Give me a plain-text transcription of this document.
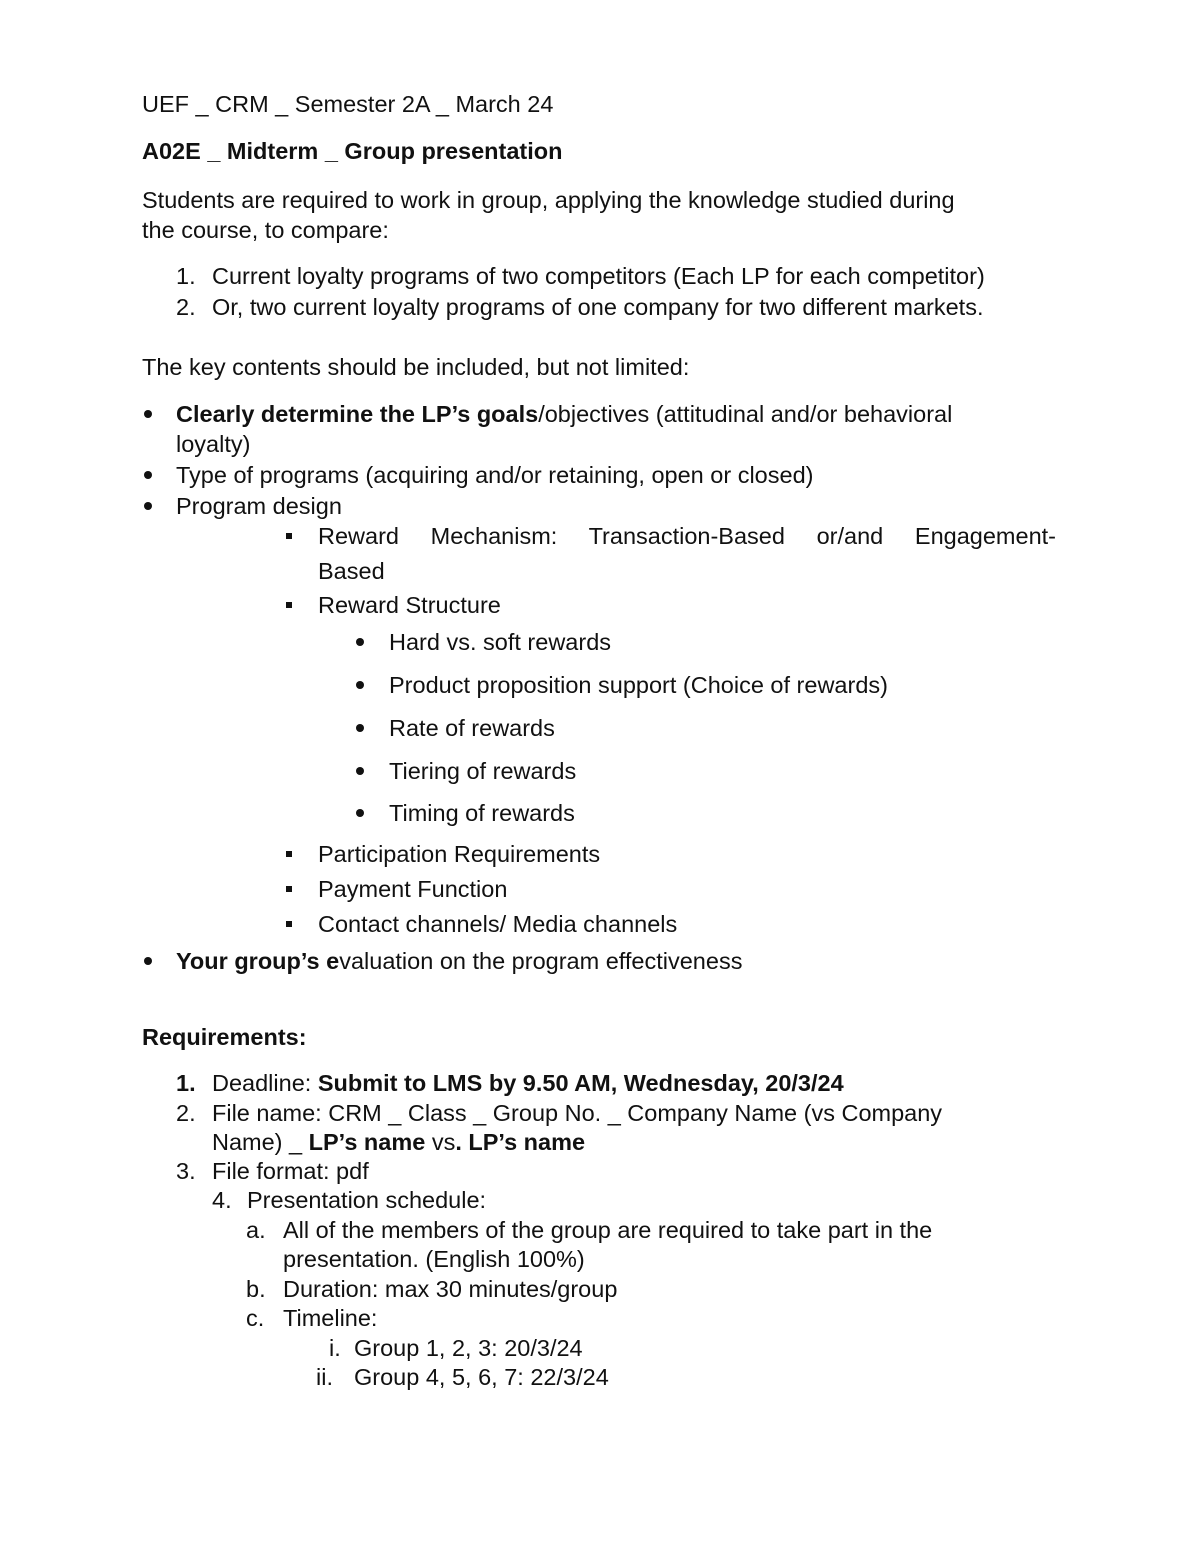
UEF _ CRM _ Semester 2A _ March 24
A02E _ Midterm _ Group presentation
Students are required to work in group, applying the knowledge studied during
the course, to compare:
1. Current loyalty programs of two competitors (Each LP for each competitor)
2. Or, two current loyalty programs of one company for two different markets.
The key contents should be included, but not limited:
Clearly determine the LP’s goals/objectives (attitudinal and/or behavioral
loyalty)
Type of programs (acquiring and/or retaining, open or closed)
Program design
Reward Mechanism: Transaction-Based or/and Engagement-
Based
Reward Structure
Hard vs. soft rewards
Product proposition support (Choice of rewards)
Rate of rewards
Tiering of rewards
Timing of rewards
Participation Requirements
Payment Function
Contact channels/ Media channels
Your group’s evaluation on the program effectiveness
Requirements:
1. Deadline: Submit to LMS by 9.50 AM, Wednesday, 20/3/24
2. File name: CRM _ Class _ Group No. _ Company Name (vs Company
Name) _ LP’s name vs. LP’s name
3. File format: pdf
4. Presentation schedule:
a. All of the members of the group are required to take part in the
presentation. (English 100%)
b. Duration: max 30 minutes/group
c. Timeline:
i. Group 1, 2, 3: 20/3/24
ii. Group 4, 5, 6, 7: 22/3/24
